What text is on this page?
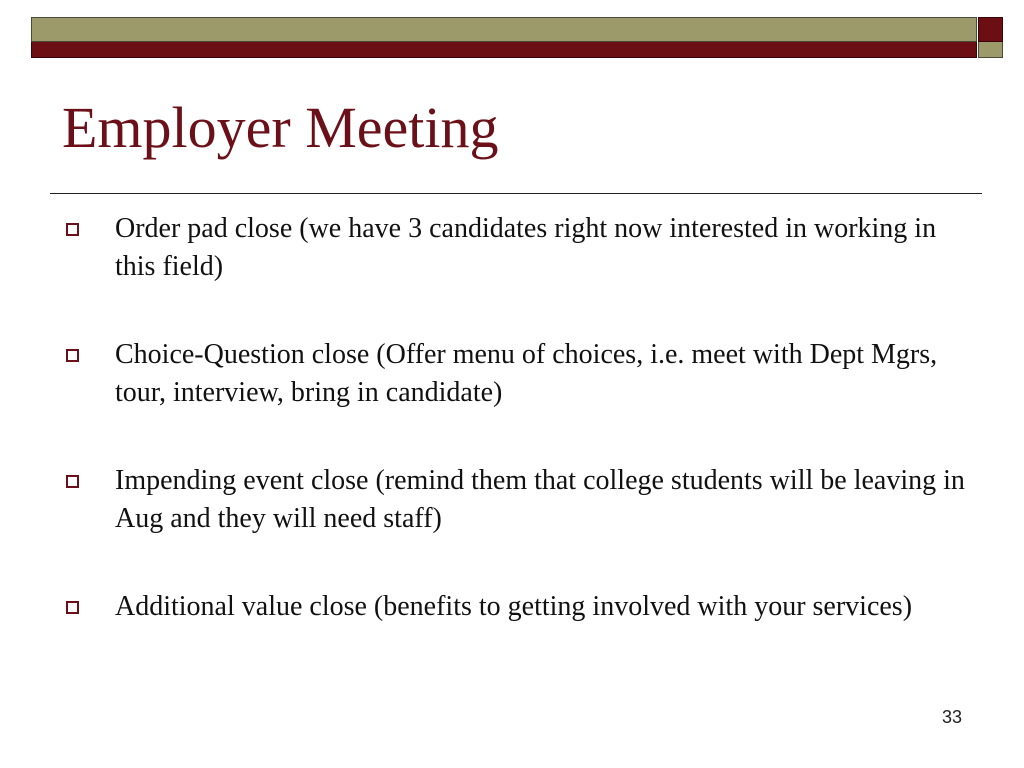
Employer Meeting
Order pad close (we have 3 candidates right now interested in working in this field)
Choice-Question close (Offer menu of choices, i.e. meet with Dept Mgrs, tour, interview, bring in candidate)
Impending event close (remind them that college students will be leaving in Aug and they will need staff)
Additional value close (benefits to getting involved with your services)
33
